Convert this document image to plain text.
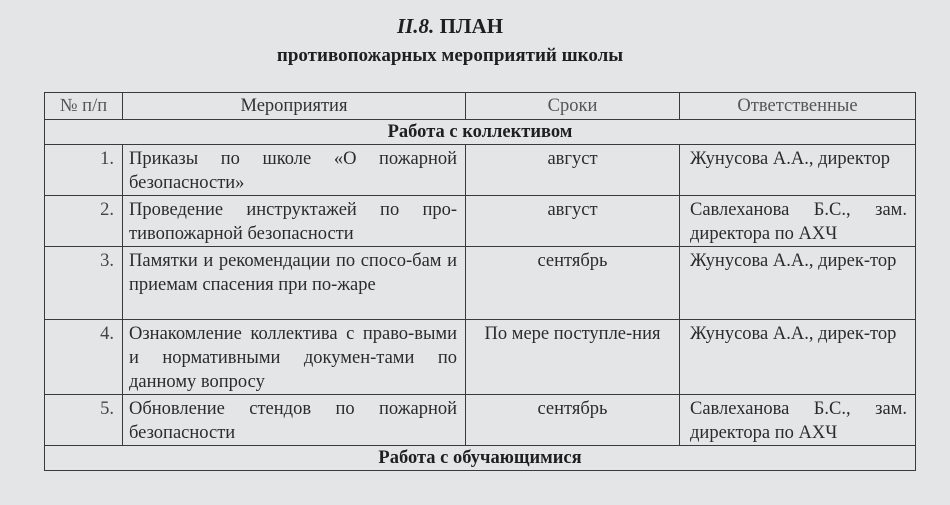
II.8. ПЛАН
противопожарных мероприятий школы
№ п/п	Мероприятия	Сроки	Ответственные
Работа с коллективом			
1.	Приказы по школе «О пожарной безопасности»	август	Жунусова А.А., директор
2.	Проведение инструктажей по про-тивопожарной безопасности	август	Савлеханова Б.С., зам. директора по АХЧ
3.	Памятки и рекомендации по спосо-бам и приемам спасения при по-жаре	сентябрь	Жунусова А.А., дирек-тор
4.	Ознакомление коллектива с право-выми и нормативными докумен-тами по данному вопросу	По мере поступле-ния	Жунусова А.А., дирек-тор
5.	Обновление стендов по пожарной безопасности	сентябрь	Савлеханова Б.С., зам. директора по АХЧ
Работа с обучающимися			
